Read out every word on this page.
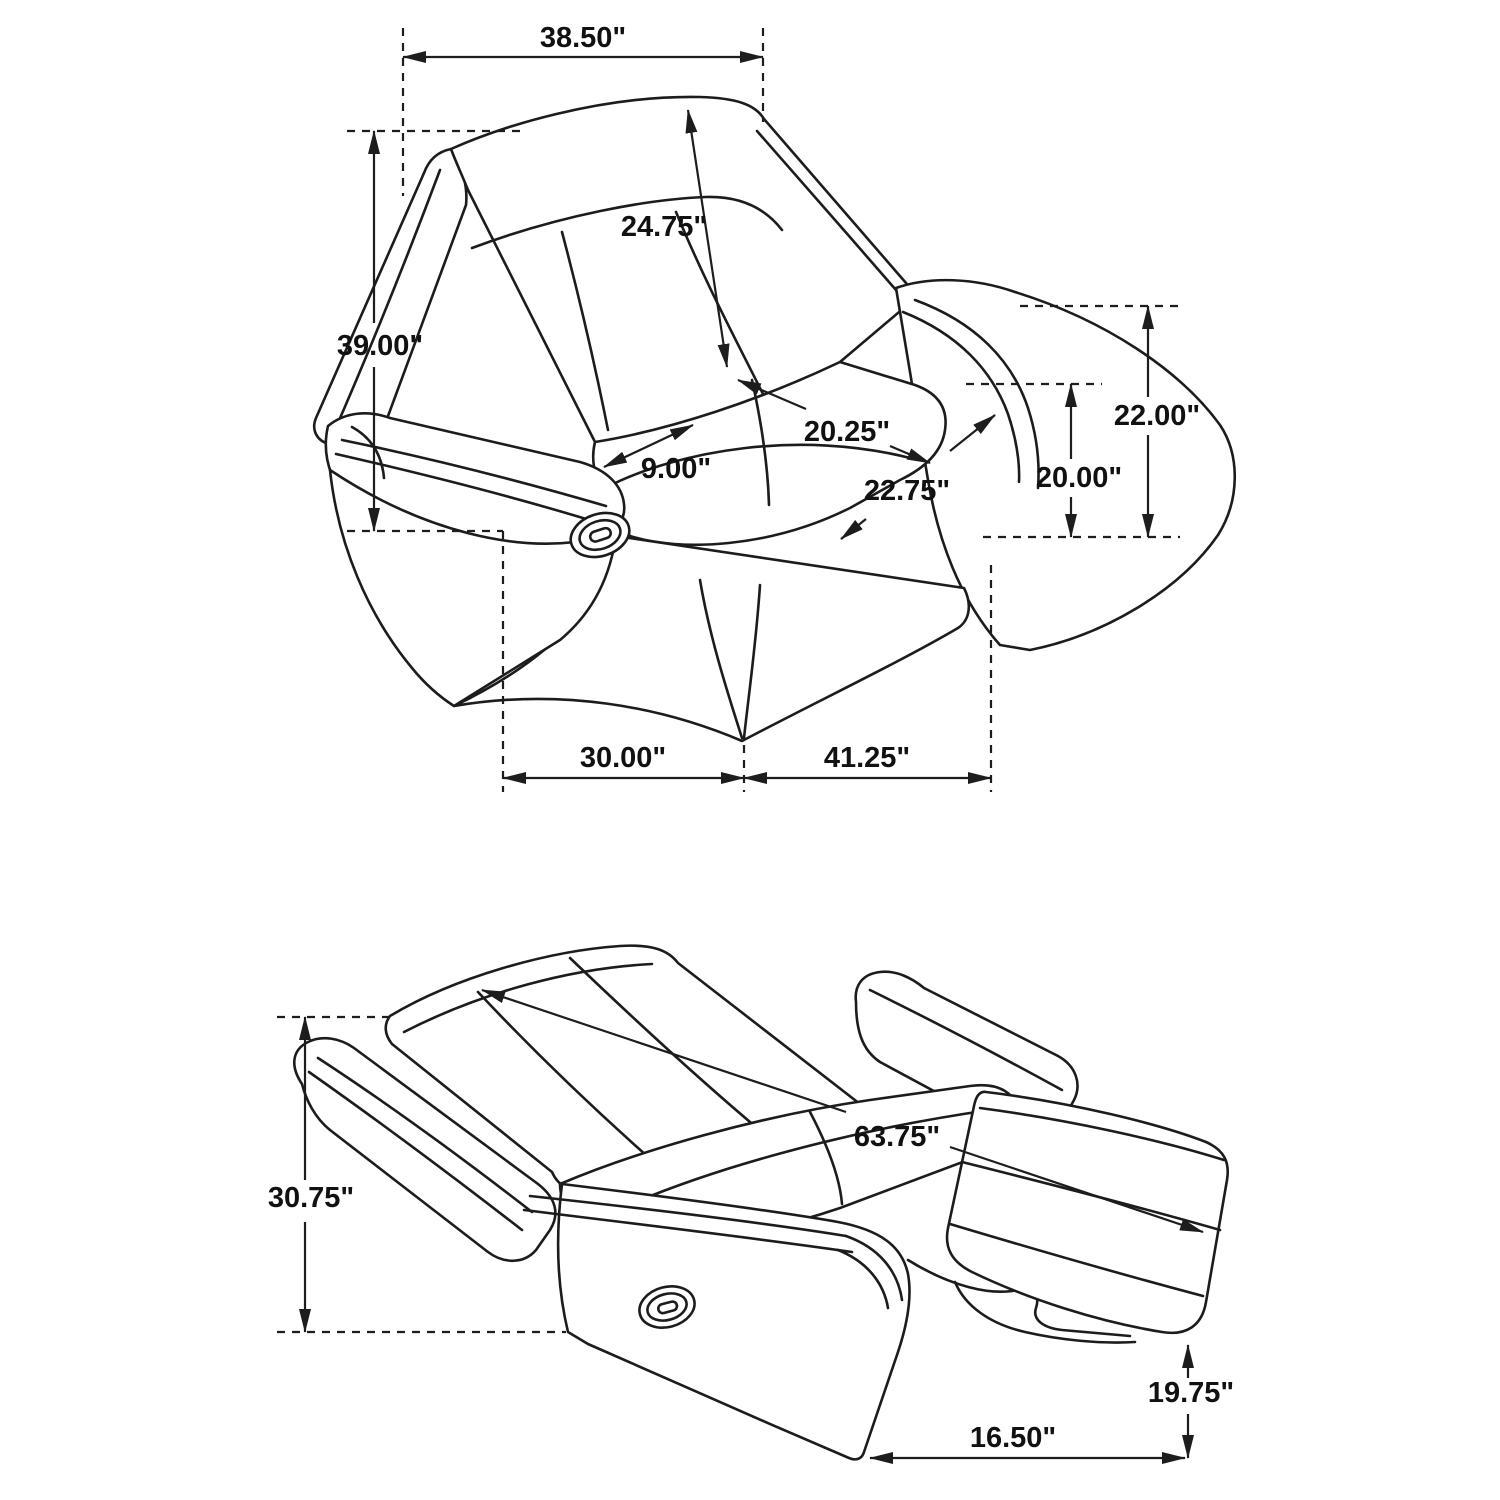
38.50"
39.00"
24.75"
20.25"
9.00"
22.75"
22.00"
20.00"
30.00"	41.25"
30.75"
63.75"
19.75"
16.50"
